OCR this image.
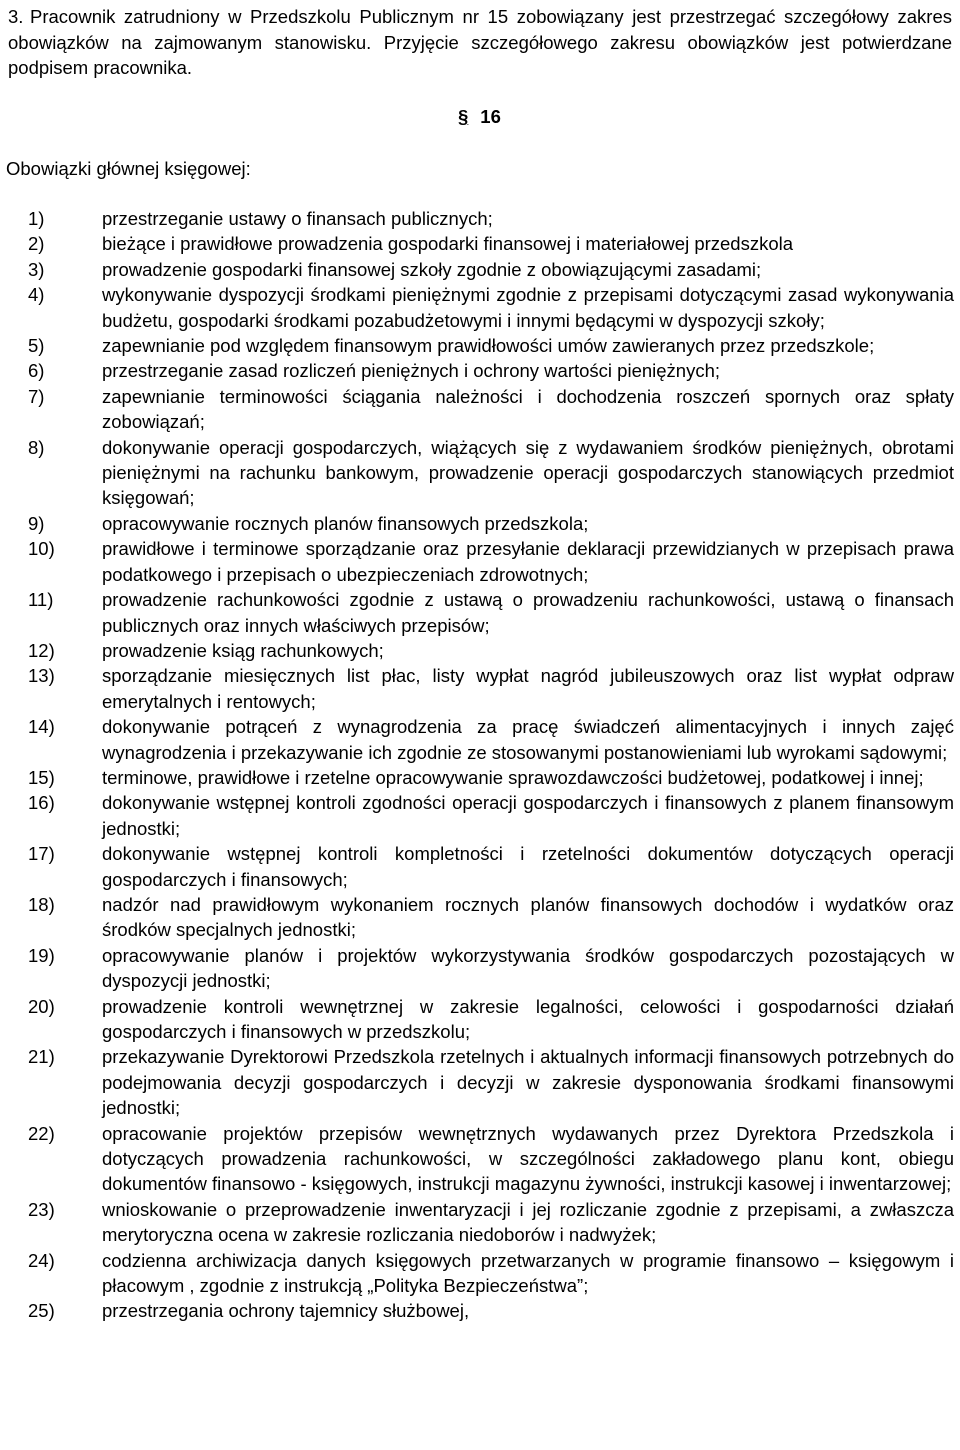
3. Pracownik zatrudniony w Przedszkolu Publicznym nr 15 zobowiązany jest przestrzegać szczegółowy zakres obowiązków na zajmowanym stanowisku. Przyjęcie szczegółowego zakresu obowiązków jest potwierdzane podpisem pracownika.

§ 16

Obowiązki głównej księgowej:

1)	przestrzeganie ustawy o finansach publicznych;
2)	bieżące i prawidłowe prowadzenia gospodarki finansowej i materiałowej przedszkola
3)	prowadzenie gospodarki finansowej szkoły zgodnie z obowiązującymi zasadami;
4)	wykonywanie dyspozycji środkami pieniężnymi zgodnie z przepisami dotyczącymi zasad wykonywania budżetu, gospodarki środkami pozabudżetowymi i innymi będącymi w dyspozycji szkoły;
5)	zapewnianie pod względem finansowym prawidłowości umów zawieranych przez przedszkole;
6)	przestrzeganie zasad rozliczeń pieniężnych i ochrony wartości pieniężnych;
7)	zapewnianie terminowości ściągania należności i dochodzenia roszczeń spornych oraz spłaty zobowiązań;
8)	dokonywanie operacji gospodarczych, wiążących się z wydawaniem środków pieniężnych, obrotami pieniężnymi na rachunku bankowym, prowadzenie operacji gospodarczych stanowiących przedmiot księgowań;
9)	opracowywanie rocznych planów finansowych przedszkola;
10)	prawidłowe i terminowe sporządzanie oraz przesyłanie deklaracji przewidzianych w przepisach prawa podatkowego i przepisach o ubezpieczeniach zdrowotnych;
11)	prowadzenie rachunkowości zgodnie z ustawą o prowadzeniu rachunkowości, ustawą o finansach publicznych oraz innych właściwych przepisów;
12)	prowadzenie ksiąg rachunkowych;
13)	sporządzanie miesięcznych list płac, listy wypłat nagród jubileuszowych oraz list wypłat odpraw emerytalnych i rentowych;
14)	dokonywanie potrąceń z wynagrodzenia za pracę świadczeń alimentacyjnych i innych zajęć wynagrodzenia i przekazywanie ich zgodnie ze stosowanymi postanowieniami lub wyrokami sądowymi;
15)	terminowe, prawidłowe i rzetelne opracowywanie sprawozdawczości budżetowej, podatkowej i innej;
16)	dokonywanie wstępnej kontroli zgodności operacji gospodarczych i finansowych z planem finansowym jednostki;
17)	dokonywanie wstępnej kontroli kompletności i rzetelności dokumentów dotyczących operacji gospodarczych i finansowych;
18)	nadzór nad prawidłowym wykonaniem rocznych planów finansowych dochodów i wydatków oraz środków specjalnych jednostki;
19)	opracowywanie planów i projektów wykorzystywania środków gospodarczych pozostających w dyspozycji jednostki;
20)	prowadzenie kontroli wewnętrznej w zakresie legalności, celowości i gospodarności działań gospodarczych i finansowych w przedszkolu;
21)	przekazywanie Dyrektorowi Przedszkola rzetelnych i aktualnych informacji finansowych potrzebnych do podejmowania decyzji gospodarczych i decyzji w zakresie dysponowania środkami finansowymi jednostki;
22)	opracowanie projektów przepisów wewnętrznych wydawanych przez Dyrektora Przedszkola i dotyczących prowadzenia rachunkowości, w szczególności zakładowego planu kont, obiegu dokumentów finansowo - księgowych, instrukcji magazynu żywności, instrukcji kasowej i inwentarzowej;
23)	wnioskowanie o przeprowadzenie inwentaryzacji i jej rozliczanie zgodnie z przepisami, a zwłaszcza merytoryczna ocena w zakresie rozliczania niedoborów i nadwyżek;
24)	codzienna archiwizacja danych księgowych przetwarzanych w programie finansowo – księgowym i płacowym , zgodnie z instrukcją „Polityka Bezpieczeństwa”;
25)	przestrzegania ochrony tajemnicy służbowej,
